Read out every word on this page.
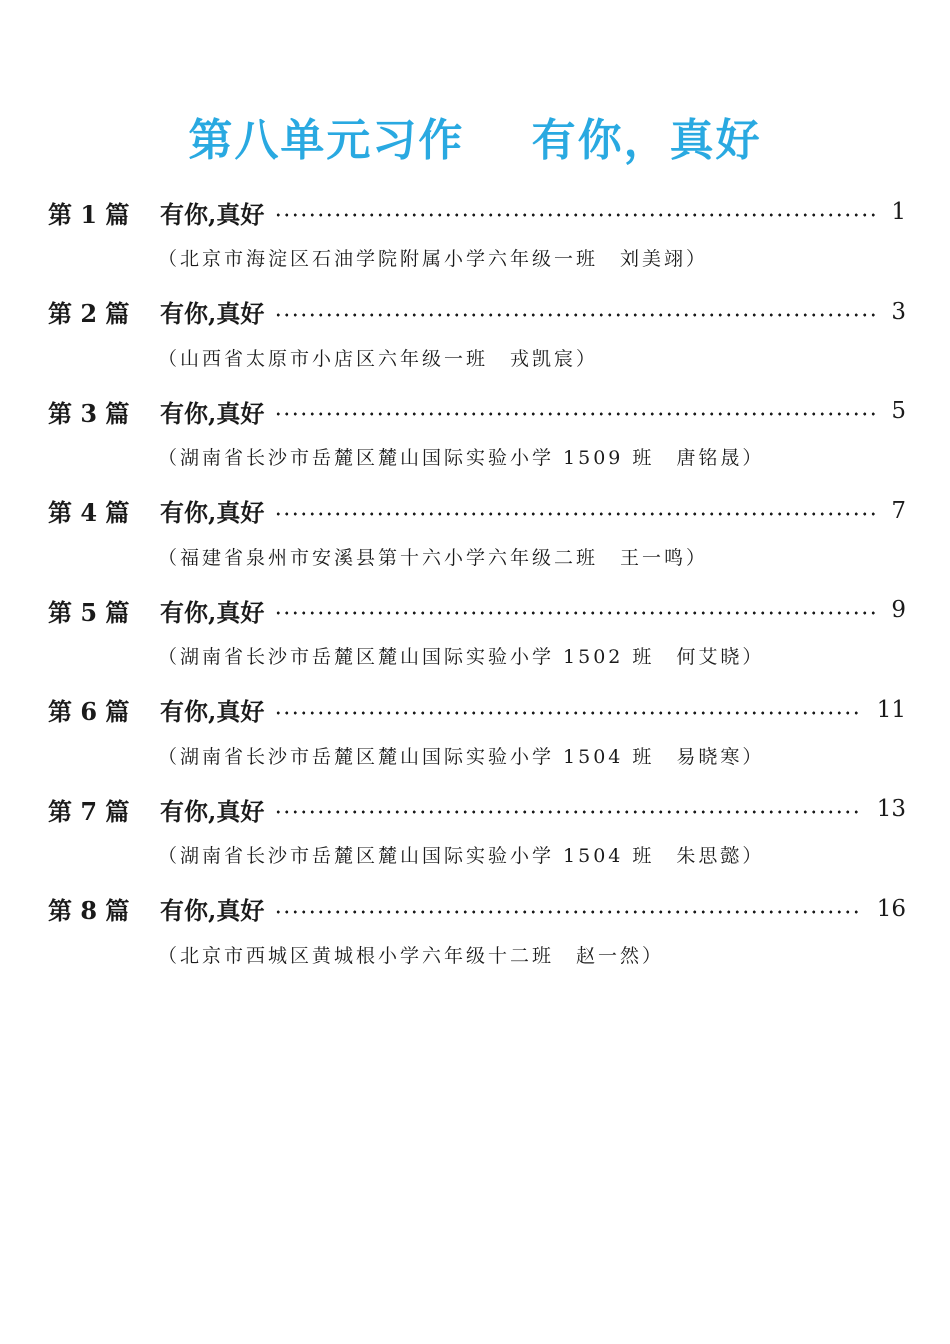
第八单元习作 有你，真好
第 1 篇	有你,真好	1
（北京市海淀区石油学院附属小学六年级一班　刘美翊）
第 2 篇	有你,真好	3
（山西省太原市小店区六年级一班　戎凯宸）
第 3 篇	有你,真好	5
（湖南省长沙市岳麓区麓山国际实验小学 1509 班　唐铭晟）
第 4 篇	有你,真好	7
（福建省泉州市安溪县第十六小学六年级二班　王一鸣）
第 5 篇	有你,真好	9
（湖南省长沙市岳麓区麓山国际实验小学 1502 班　何艾晓）
第 6 篇	有你,真好	11
（湖南省长沙市岳麓区麓山国际实验小学 1504 班　易晓寒）
第 7 篇	有你,真好	13
（湖南省长沙市岳麓区麓山国际实验小学 1504 班　朱思懿）
第 8 篇	有你,真好	16
（北京市西城区黄城根小学六年级十二班　赵一然）
